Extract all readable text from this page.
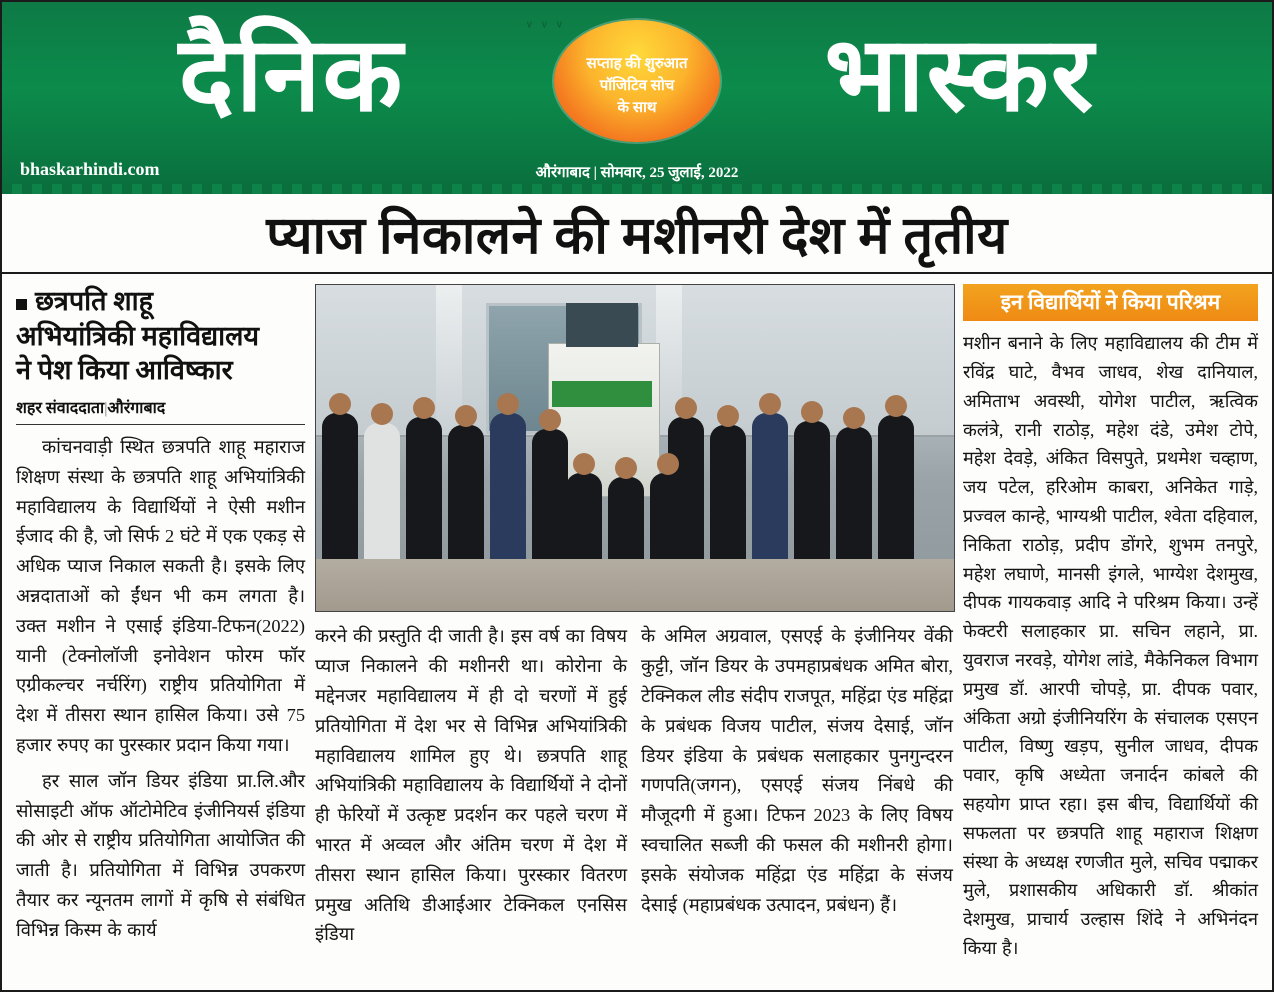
ᵛ ᵛ ᵛ
दैनिक	भास्कर
सप्ताह की शुरुआत
पॉजिटिव सोच
के साथ
bhaskarhindi.com	औरंगाबाद | सोमवार, 25 जुलाई, 2022
प्याज निकालने की मशीनरी देश में तृतीय
छत्रपति शाहू
अभियांत्रिकी महाविद्यालय
ने पेश किया आविष्कार
शहर संवाददाता|औरंगाबाद

कांचनवाड़ी स्थित छत्रपति शाहू महाराज शिक्षण संस्था के छत्रपति शाहू अभियांत्रिकी महाविद्यालय के विद्यार्थियों ने ऐसी मशीन ईजाद की है, जो सिर्फ 2 घंटे में एक एकड़ से अधिक प्याज निकाल सकती है। इसके लिए अन्नदाताओं को ईंधन भी कम लगता है। उक्त मशीन ने एसाई इंडिया-टिफन(2022) यानी (टेक्नोलॉजी इनोवेशन फोरम फॉर एग्रीकल्चर नर्चरिंग) राष्ट्रीय प्रतियोगिता में देश में तीसरा स्थान हासिल किया। उसे 75 हजार रुपए का पुरस्कार प्रदान किया गया।

हर साल जॉन डियर इंडिया प्रा.लि.और सोसाइटी ऑफ ऑटोमेटिव इंजीनियर्स इंडिया की ओर से राष्ट्रीय प्रतियोगिता आयोजित की जाती है। प्रतियोगिता में विभिन्न उपकरण तैयार कर न्यूनतम लागों में कृषि से संबंधित विभिन्न किस्म के कार्य

करने की प्रस्तुति दी जाती है। इस वर्ष का विषय प्याज निकालने की मशीनरी था। कोरोना के मद्देनजर महाविद्यालय में ही दो चरणों में हुई प्रतियोगिता में देश भर से विभिन्न अभियांत्रिकी महाविद्यालय शामिल हुए थे। छत्रपति शाहू अभियांत्रिकी महाविद्यालय के विद्यार्थियों ने दोनों ही फेरियों में उत्कृष्ट प्रदर्शन कर पहले चरण में भारत में अव्वल और अंतिम चरण में देश में तीसरा स्थान हासिल किया। पुरस्कार वितरण प्रमुख अतिथि डीआईआर टेक्निकल एनसिस इंडिया

के अमिल अग्रवाल, एसएई के इंजीनियर वेंकी कुट्टी, जॉन डियर के उपमहाप्रबंधक अमित बोरा, टेक्निकल लीड संदीप राजपूत, महिंद्रा एंड महिंद्रा के प्रबंधक विजय पाटील, संजय देसाई, जॉन डियर इंडिया के प्रबंधक सलाहकार पुनगुन्दरन गणपति(जगन), एसएई संजय निंबधे की मौजूदगी में हुआ। टिफन 2023 के लिए विषय स्वचालित सब्जी की फसल की मशीनरी होगा। इसके संयोजक महिंद्रा एंड महिंद्रा के संजय देसाई (महाप्रबंधक उत्पादन, प्रबंधन) हैं।

इन विद्यार्थियों ने किया परिश्रम

मशीन बनाने के लिए महाविद्यालय की टीम में रविंद्र घाटे, वैभव जाधव, शेख दानियाल, अमिताभ अवस्थी, योगेश पाटील, ऋत्विक कलंत्रे, रानी राठोड़, महेश दंडे, उमेश टोपे, महेश देवड़े, अंकित विसपुते, प्रथमेश चव्हाण, जय पटेल, हरिओम काबरा, अनिकेत गाड़े, प्रज्वल कान्हे, भाग्यश्री पाटील, श्वेता दहिवाल, निकिता राठोड़, प्रदीप डोंगरे, शुभम तनपुरे, महेश लघाणे, मानसी इंगले, भाग्येश देशमुख, दीपक गायकवाड़ आदि ने परिश्रम किया। उन्हें फेक्टरी सलाहकार प्रा. सचिन लहाने, प्रा. युवराज नरवड़े, योगेश लांडे, मैकेनिकल विभाग प्रमुख डॉ. आरपी चोपड़े, प्रा. दीपक पवार, अंकिता अग्रो इंजीनियरिंग के संचालक एसएन पाटील, विष्णु खड़प, सुनील जाधव, दीपक पवार, कृषि अध्येता जनार्दन कांबले की सहयोग प्राप्त रहा। इस बीच, विद्यार्थियों की सफलता पर छत्रपति शाहू महाराज शिक्षण संस्था के अध्यक्ष रणजीत मुले, सचिव पद्माकर मुले, प्रशासकीय अधिकारी डॉ. श्रीकांत देशमुख, प्राचार्य उल्हास शिंदे ने अभिनंदन किया है।
